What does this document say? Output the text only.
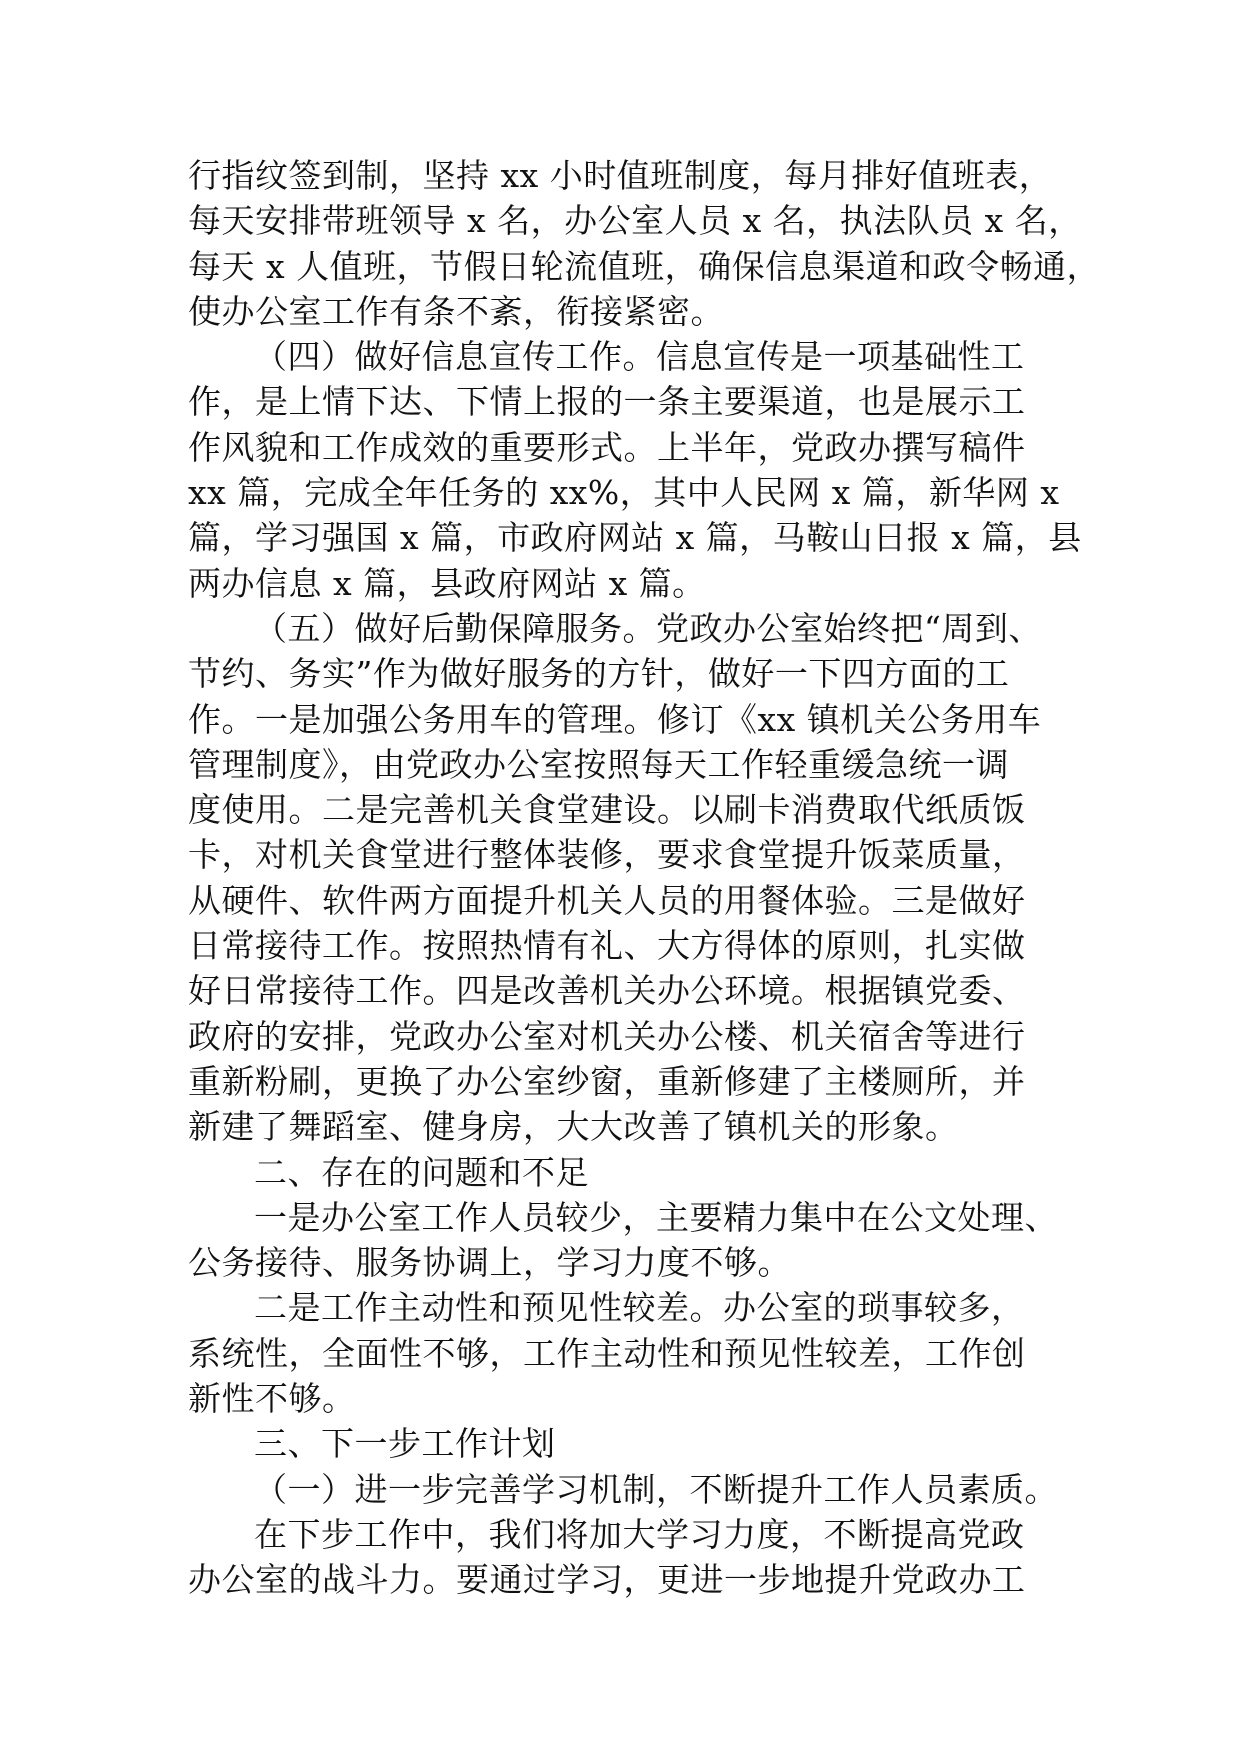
行指纹签到制，坚持 xx 小时值班制度，每月排好值班表，
每天安排带班领导 x 名，办公室人员 x 名，执法队员 x 名，
每天 x 人值班，节假日轮流值班，确保信息渠道和政令畅通，
使办公室工作有条不紊，衔接紧密。
（四）做好信息宣传工作。信息宣传是一项基础性工
作，是上情下达、下情上报的一条主要渠道，也是展示工
作风貌和工作成效的重要形式。上半年，党政办撰写稿件
xx 篇，完成全年任务的 xx%，其中人民网 x 篇，新华网 x
篇，学习强国 x 篇，市政府网站 x 篇，马鞍山日报 x 篇，县
两办信息 x 篇，县政府网站 x 篇。
（五）做好后勤保障服务。党政办公室始终把“周到、
节约、务实”作为做好服务的方针，做好一下四方面的工
作。一是加强公务用车的管理。修订《xx 镇机关公务用车
管理制度》，由党政办公室按照每天工作轻重缓急统一调
度使用。二是完善机关食堂建设。以刷卡消费取代纸质饭
卡，对机关食堂进行整体装修，要求食堂提升饭菜质量，
从硬件、软件两方面提升机关人员的用餐体验。三是做好
日常接待工作。按照热情有礼、大方得体的原则，扎实做
好日常接待工作。四是改善机关办公环境。根据镇党委、
政府的安排，党政办公室对机关办公楼、机关宿舍等进行
重新粉刷，更换了办公室纱窗，重新修建了主楼厕所，并
新建了舞蹈室、健身房，大大改善了镇机关的形象。
二、存在的问题和不足
一是办公室工作人员较少，主要精力集中在公文处理、
公务接待、服务协调上，学习力度不够。
二是工作主动性和预见性较差。办公室的琐事较多，
系统性，全面性不够，工作主动性和预见性较差，工作创
新性不够。
三、下一步工作计划
（一）进一步完善学习机制，不断提升工作人员素质。
在下步工作中，我们将加大学习力度，不断提高党政
办公室的战斗力。要通过学习，更进一步地提升党政办工
